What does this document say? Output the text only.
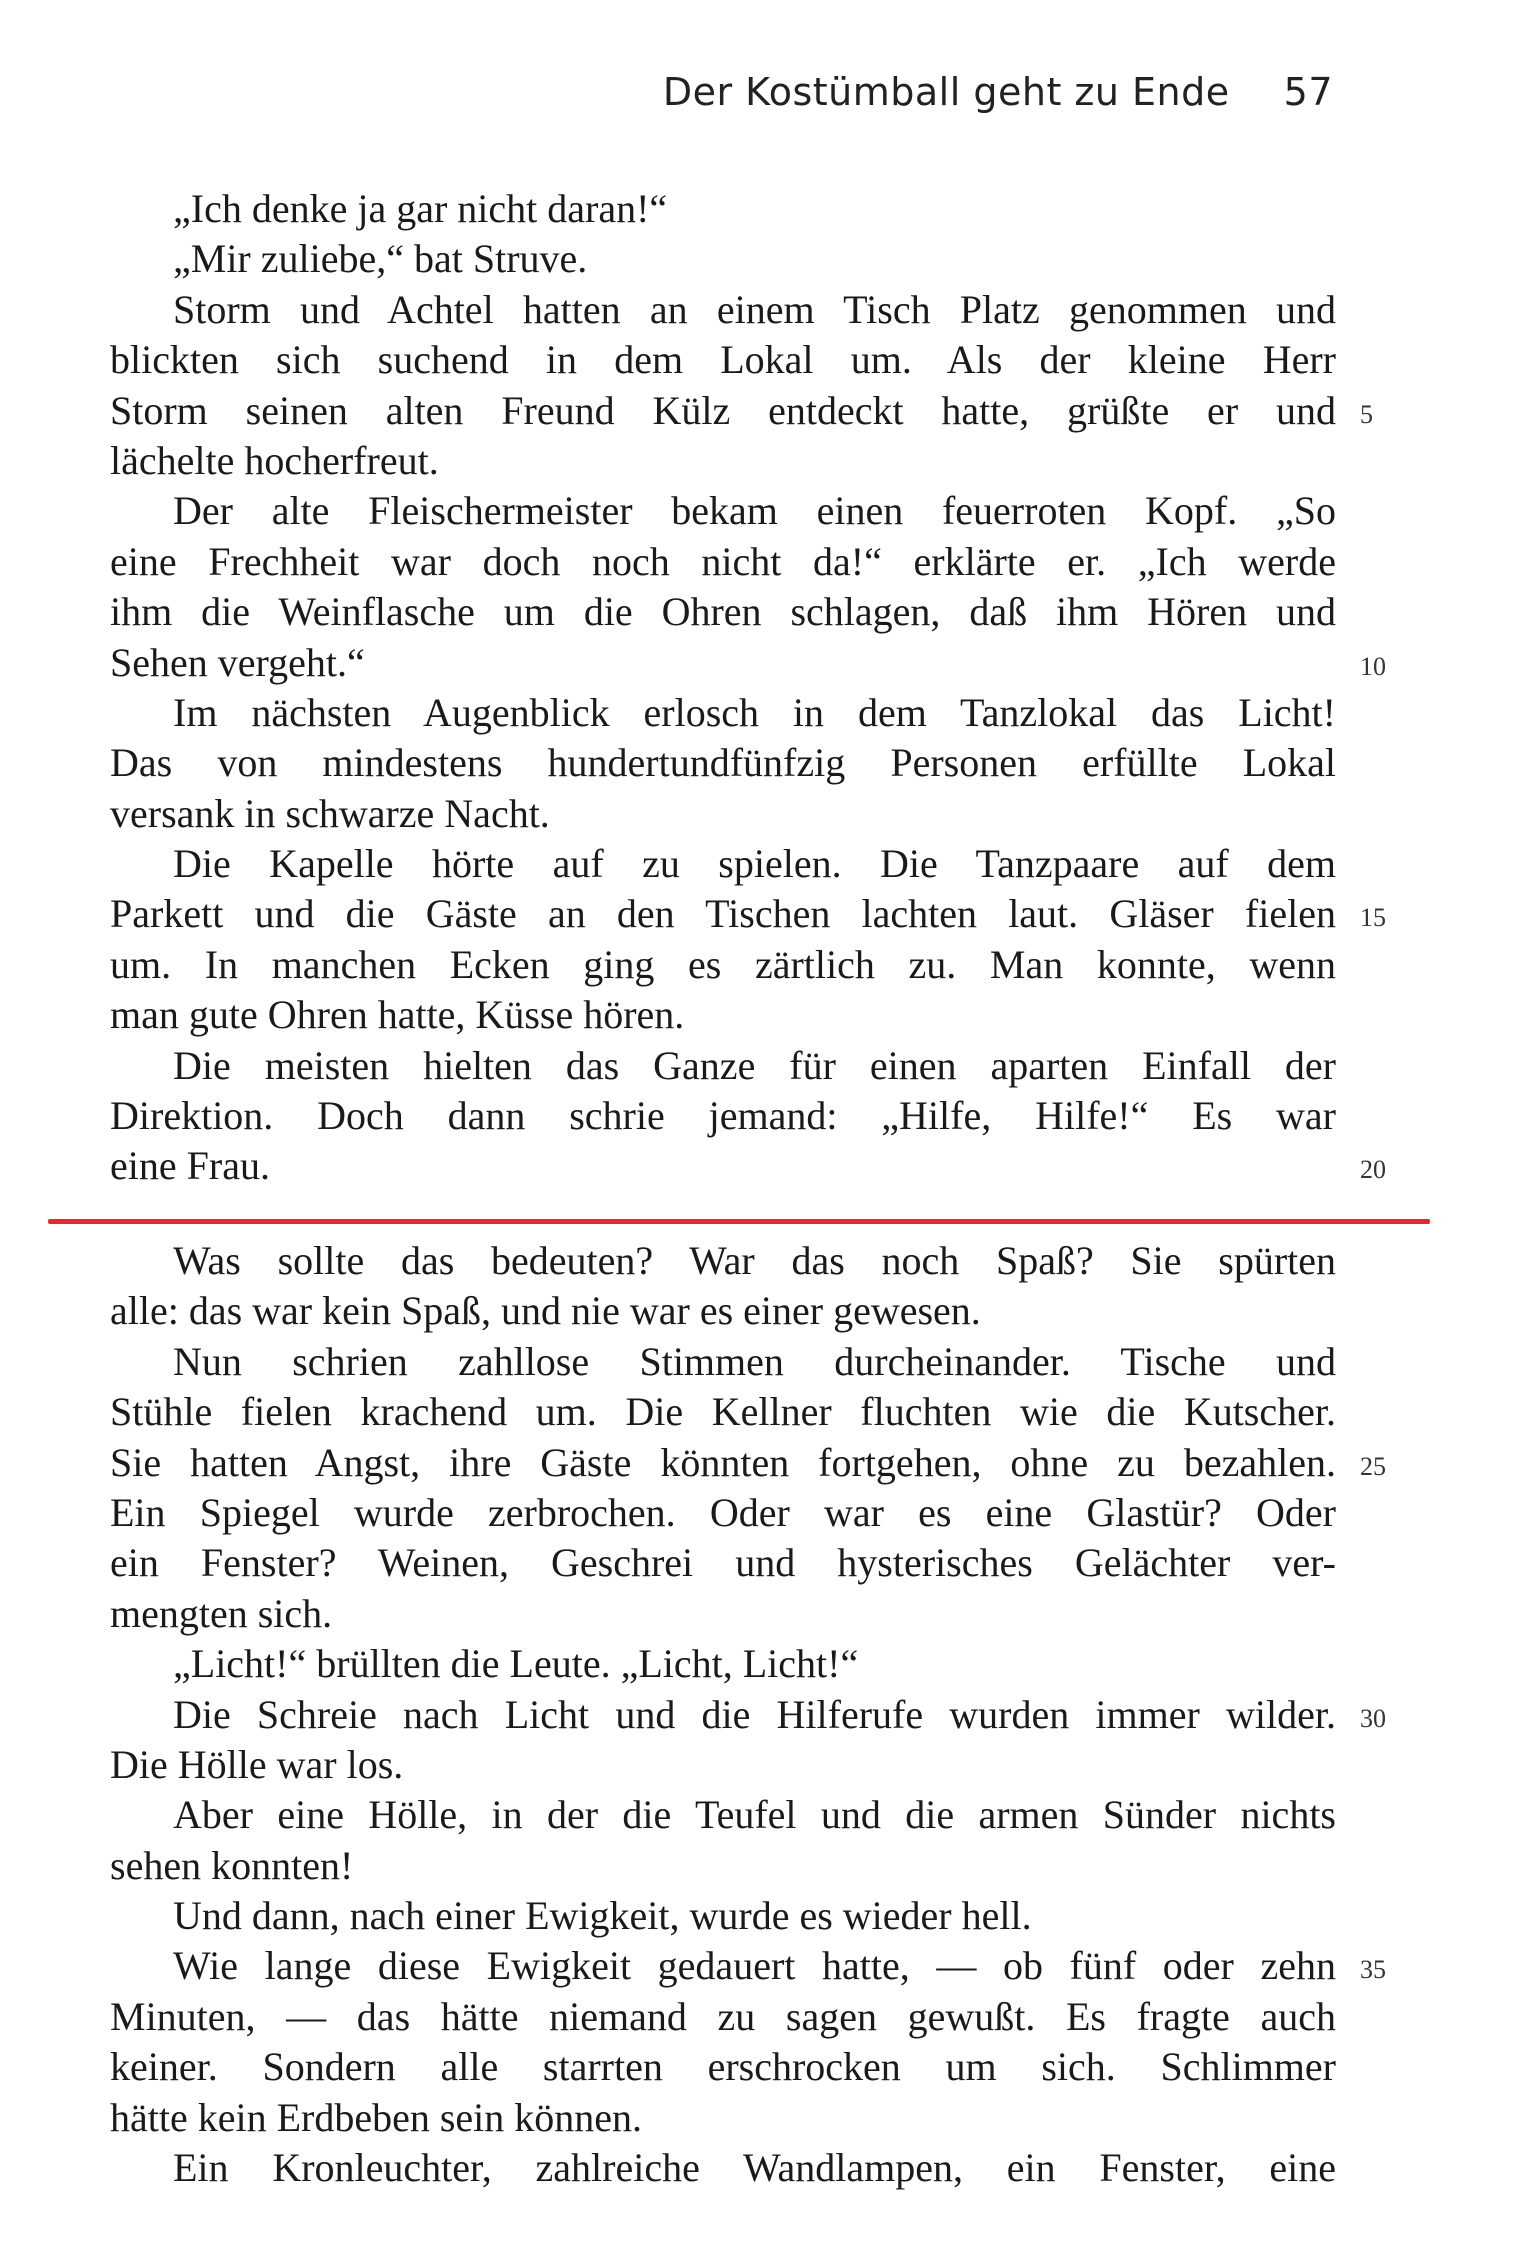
Der Kostümball geht zu Ende 57
„Ich denke ja gar nicht daran!“
„Mir zuliebe,“ bat Struve.
Storm und Achtel hatten an einem Tisch Platz genommen und
blickten sich suchend in dem Lokal um. Als der kleine Herr
Storm seinen alten Freund Külz entdeckt hatte, grüßte er und 5
lächelte hocherfreut.
Der alte Fleischermeister bekam einen feuerroten Kopf. „So
eine Frechheit war doch noch nicht da!“ erklärte er. „Ich werde
ihm die Weinflasche um die Ohren schlagen, daß ihm Hören und
Sehen vergeht.“	10
Im nächsten Augenblick erlosch in dem Tanzlokal das Licht!
Das von mindestens hundertundfünfzig Personen erfüllte Lokal
versank in schwarze Nacht.
Die Kapelle hörte auf zu spielen. Die Tanzpaare auf dem
Parkett und die Gäste an den Tischen lachten laut. Gläser fielen 15
um. In manchen Ecken ging es zärtlich zu. Man konnte, wenn
man gute Ohren hatte, Küsse hören.
Die meisten hielten das Ganze für einen aparten Einfall der
Direktion. Doch dann schrie jemand: „Hilfe, Hilfe!“ Es war
eine Frau.	20
Was sollte das bedeuten? War das noch Spaß? Sie spürten
alle: das war kein Spaß, und nie war es einer gewesen.
Nun schrien zahllose Stimmen durcheinander. Tische und
Stühle fielen krachend um. Die Kellner fluchten wie die Kutscher.
Sie hatten Angst, ihre Gäste könnten fortgehen, ohne zu bezahlen. 25
Ein Spiegel wurde zerbrochen. Oder war es eine Glastür? Oder
ein Fenster? Weinen, Geschrei und hysterisches Gelächter ver-
mengten sich.
„Licht!“ brüllten die Leute. „Licht, Licht!“
Die Schreie nach Licht und die Hilferufe wurden immer wilder. 30
Die Hölle war los.
Aber eine Hölle, in der die Teufel und die armen Sünder nichts
sehen konnten!
Und dann, nach einer Ewigkeit, wurde es wieder hell.
Wie lange diese Ewigkeit gedauert hatte, — ob fünf oder zehn 35
Minuten, — das hätte niemand zu sagen gewußt. Es fragte auch
keiner. Sondern alle starrten erschrocken um sich. Schlimmer
hätte kein Erdbeben sein können.
Ein Kronleuchter, zahlreiche Wandlampen, ein Fenster, eine
